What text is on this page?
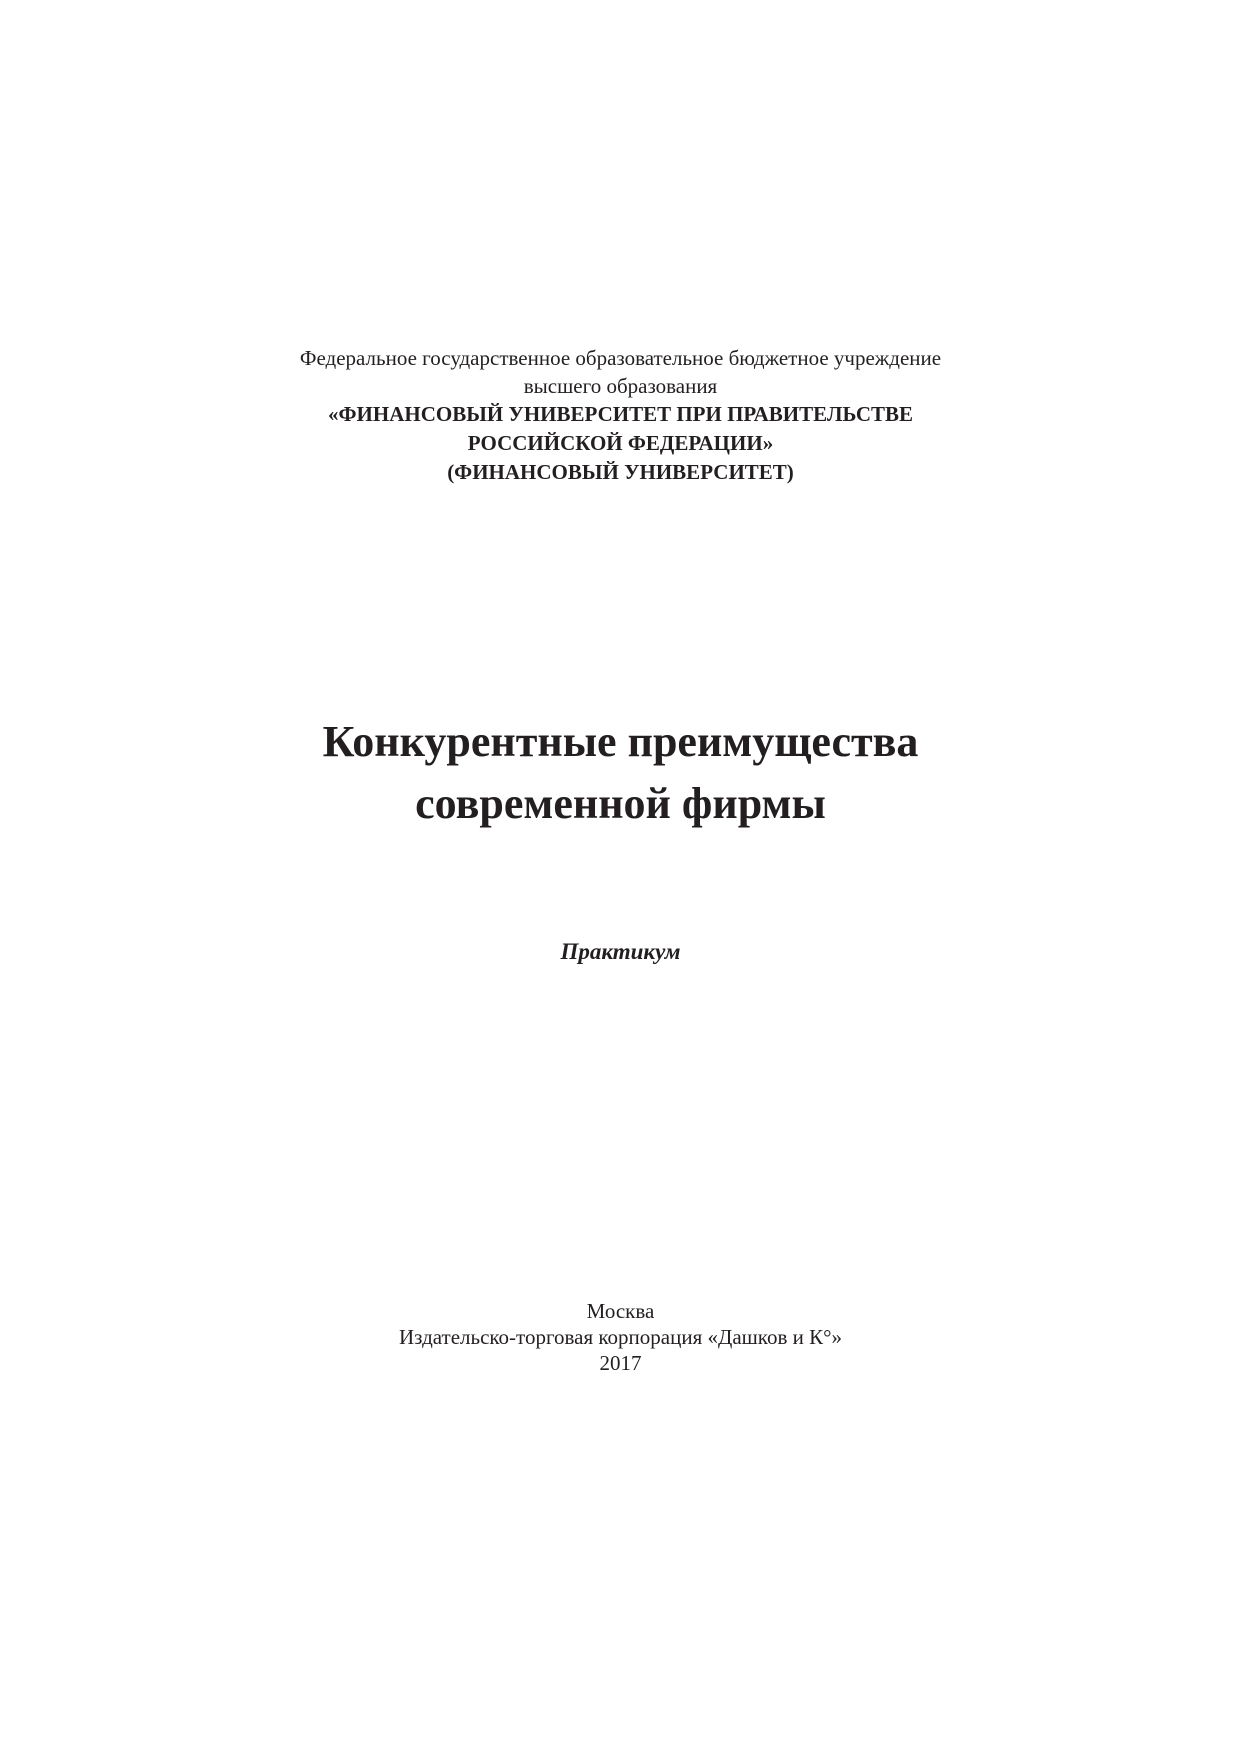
Федеральное государственное образовательное бюджетное учреждение
высшего образования
«ФИНАНСОВЫЙ УНИВЕРСИТЕТ ПРИ ПРАВИТЕЛЬСТВЕ
РОССИЙСКОЙ ФЕДЕРАЦИИ»
(ФИНАНСОВЫЙ УНИВЕРСИТЕТ)
Конкурентные преимущества
современной фирмы
Практикум
Москва
Издательско-торговая корпорация «Дашков и К°»
2017
